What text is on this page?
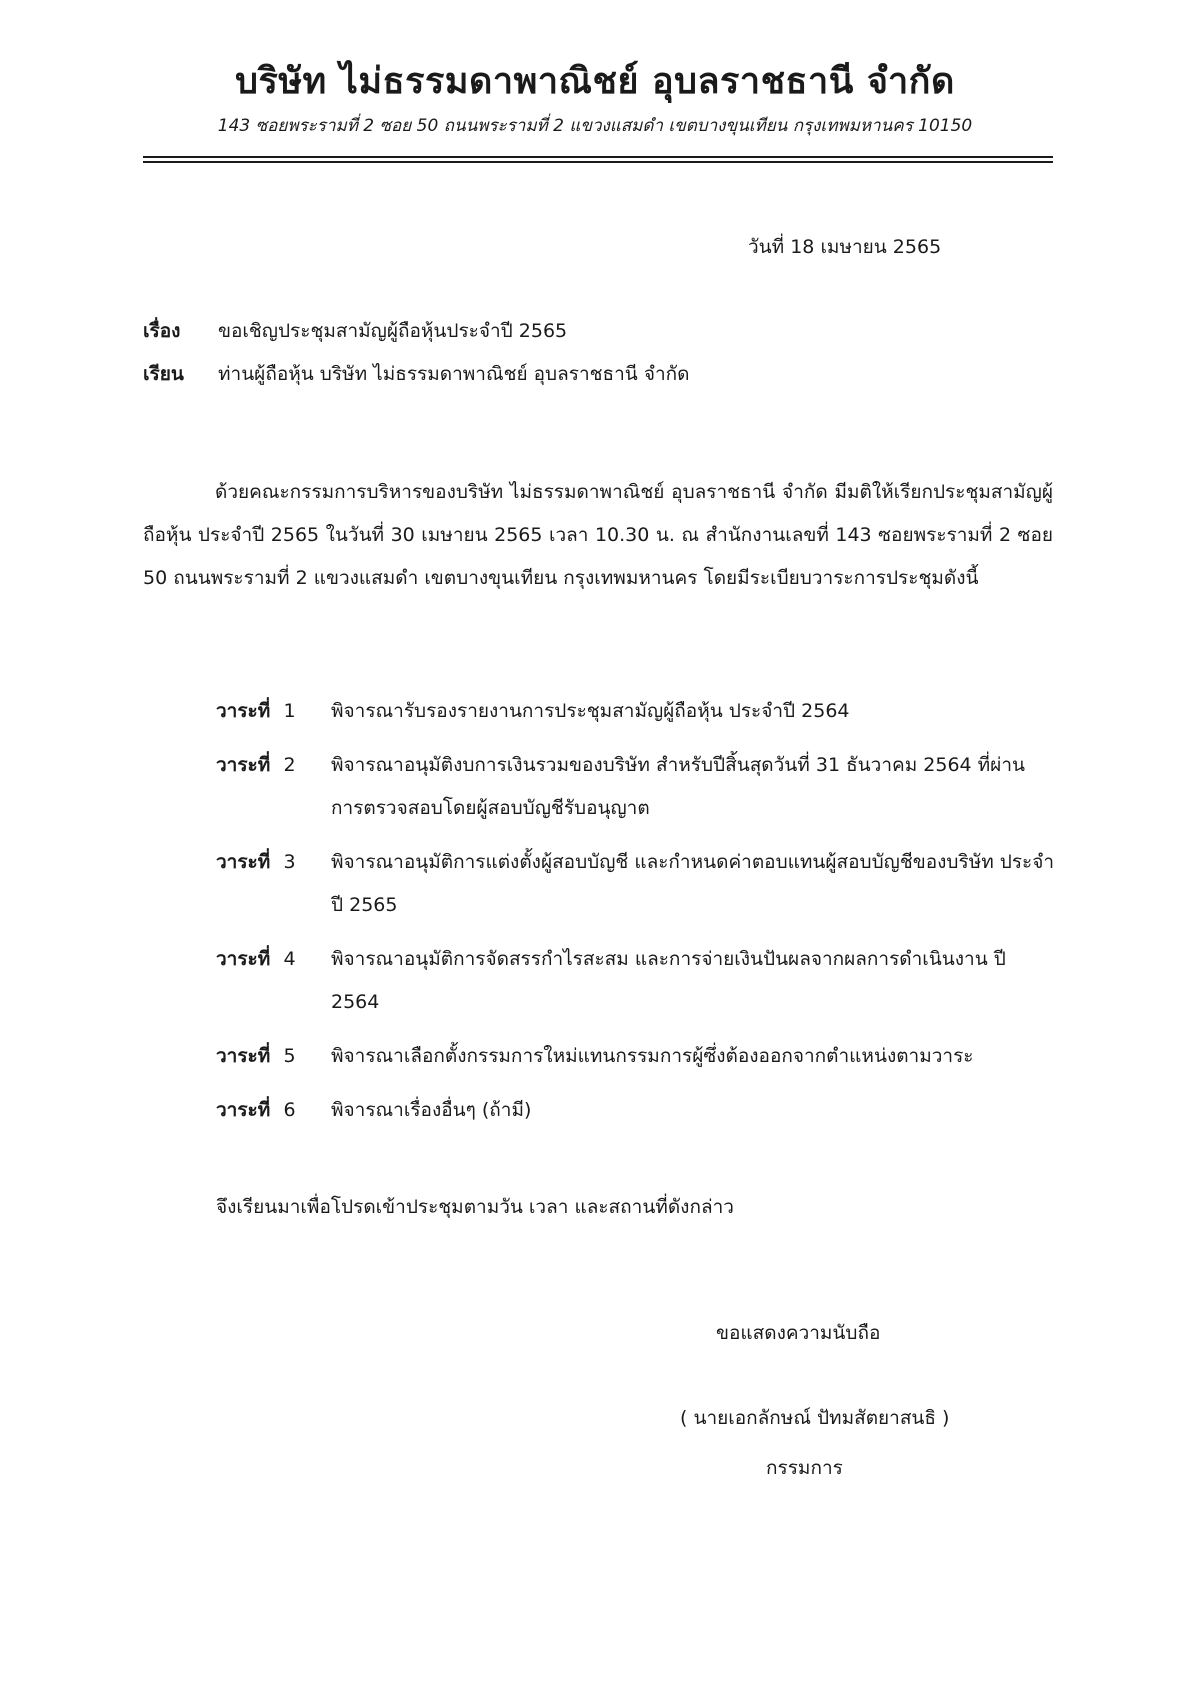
บริษัท ไม่ธรรมดาพาณิชย์ อุบลราชธานี จำกัด
143 ซอยพระรามที่ 2 ซอย 50 ถนนพระรามที่ 2 แขวงแสมดำ เขตบางขุนเทียน กรุงเทพมหานคร 10150
วันที่ 18 เมษายน 2565
เรื่อง ขอเชิญประชุมสามัญผู้ถือหุ้นประจำปี 2565
เรียน ท่านผู้ถือหุ้น บริษัท ไม่ธรรมดาพาณิชย์ อุบลราชธานี จำกัด
ด้วยคณะกรรมการบริหารของบริษัท ไม่ธรรมดาพาณิชย์ อุบลราชธานี จำกัด มีมติให้เรียกประชุมสามัญผู้ถือหุ้น ประจำปี 2565 ในวันที่ 30 เมษายน 2565 เวลา 10.30 น. ณ สำนักงานเลขที่ 143 ซอยพระรามที่ 2 ซอย 50 ถนนพระรามที่ 2 แขวงแสมดำ เขตบางขุนเทียน กรุงเทพมหานคร โดยมีระเบียบวาระการประชุมดังนี้
วาระที่ 1	พิจารณารับรองรายงานการประชุมสามัญผู้ถือหุ้น ประจำปี 2564
วาระที่ 2	พิจารณาอนุมัติงบการเงินรวมของบริษัท สำหรับปีสิ้นสุดวันที่ 31 ธันวาคม 2564 ที่ผ่านการตรวจสอบโดยผู้สอบบัญชีรับอนุญาต
วาระที่ 3	พิจารณาอนุมัติการแต่งตั้งผู้สอบบัญชี และกำหนดค่าตอบแทนผู้สอบบัญชีของบริษัท ประจำปี 2565
วาระที่ 4	พิจารณาอนุมัติการจัดสรรกำไรสะสม และการจ่ายเงินปันผลจากผลการดำเนินงาน ปี 2564
วาระที่ 5	พิจารณาเลือกตั้งกรรมการใหม่แทนกรรมการผู้ซึ่งต้องออกจากตำแหน่งตามวาระ
วาระที่ 6	พิจารณาเรื่องอื่นๆ (ถ้ามี)
จึงเรียนมาเพื่อโปรดเข้าประชุมตามวัน เวลา และสถานที่ดังกล่าว
ขอแสดงความนับถือ
( นายเอกลักษณ์ ปัทมสัตยาสนธิ )
กรรมการ
